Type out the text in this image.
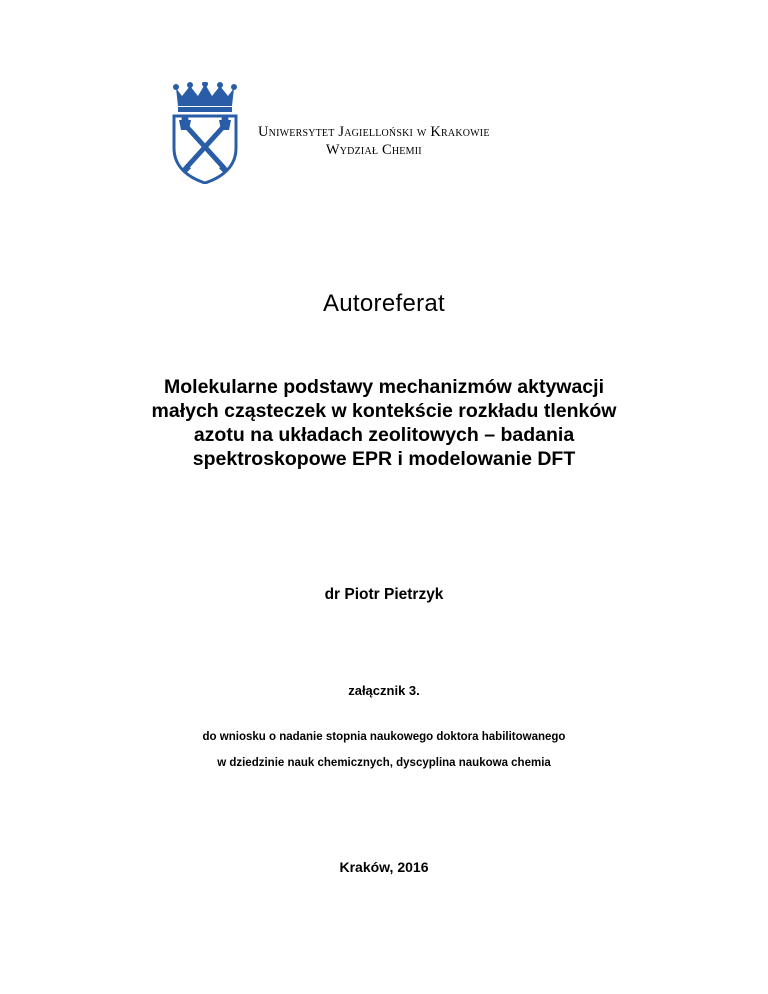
Uniwersytet Jagielloński w Krakowie
Wydział Chemii
Autoreferat
Molekularne podstawy mechanizmów aktywacji
małych cząsteczek w kontekście rozkładu tlenków
azotu na układach zeolitowych – badania
spektroskopowe EPR i modelowanie DFT
dr Piotr Pietrzyk
załącznik 3.
do wniosku o nadanie stopnia naukowego doktora habilitowanego
w dziedzinie nauk chemicznych, dyscyplina naukowa chemia
Kraków, 2016
